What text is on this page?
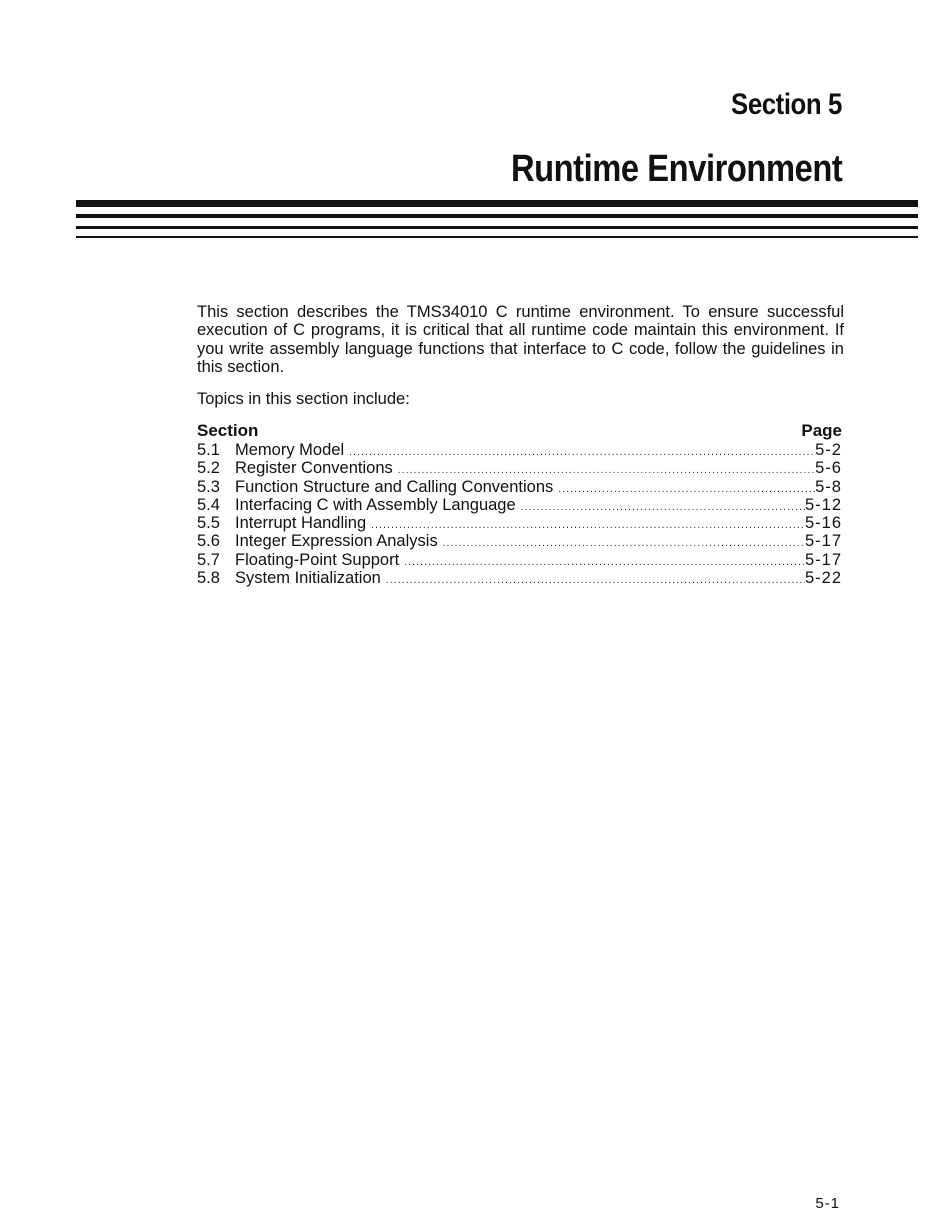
Section 5
Runtime Environment
This section describes the TMS34010 C runtime environment. To ensure successful execution of C programs, it is critical that all runtime code maintain this environment. If you write assembly language functions that interface to C code, follow the guidelines in this section.
Topics in this section include:
Section	Page
5.1 Memory Model .....	5-2
5.2 Register Conventions .....	5-6
5.3 Function Structure and Calling Conventions .....	5-8
5.4 Interfacing C with Assembly Language .....	5-12
5.5 Interrupt Handling .....	5-16
5.6 Integer Expression Analysis .....	5-17
5.7 Floating-Point Support .....	5-17
5.8 System Initialization .....	5-22
5-1
